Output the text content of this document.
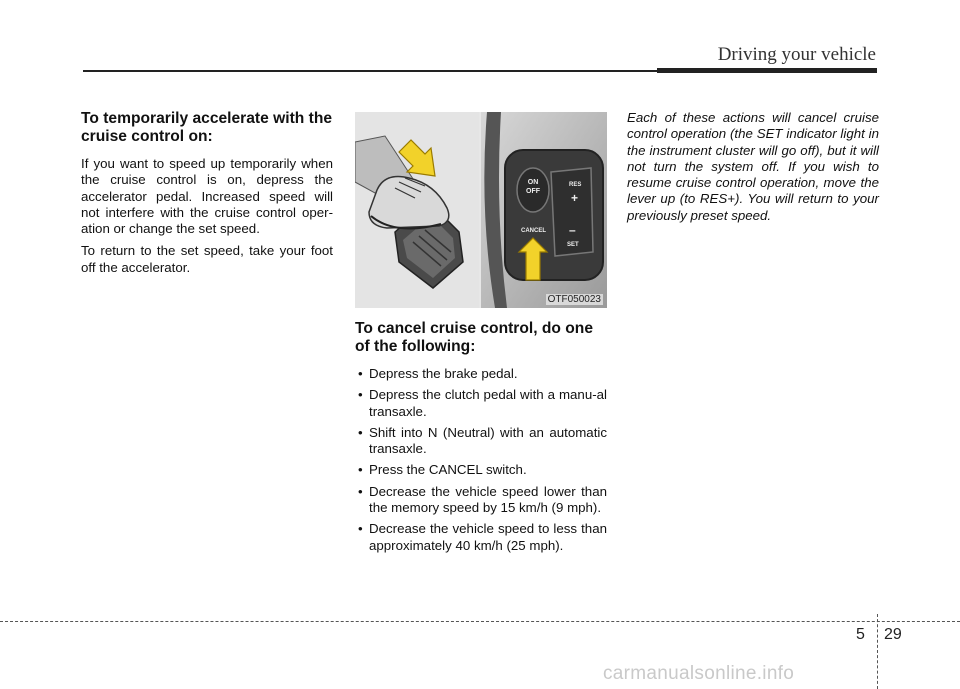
Driving your vehicle
To temporarily accelerate with the cruise control on:

If you want to speed up temporarily when the cruise control is on, depress the accelerator pedal. Increased speed will not interfere with the cruise control oper-ation or change the set speed.

To return to the set speed, take your foot off the accelerator.

ON
OFF
RES
+
–
SET
CANCEL
OTF050023
To cancel cruise control, do one of the following:
• Depress the brake pedal.
• Depress the clutch pedal with a manu-al transaxle.
• Shift into N (Neutral) with an automatic transaxle.
• Press the CANCEL switch.
• Decrease the vehicle speed lower than the memory speed by 15 km/h (9 mph).
• Decrease the vehicle speed to less than approximately 40 km/h (25 mph).

Each of these actions will cancel cruise control operation (the SET indicator light in the instrument cluster will go off), but it will not turn the system off. If you wish to resume cruise control operation, move the lever up (to RES+). You will return to your previously preset speed.

5 29
carmanualsonline.info
